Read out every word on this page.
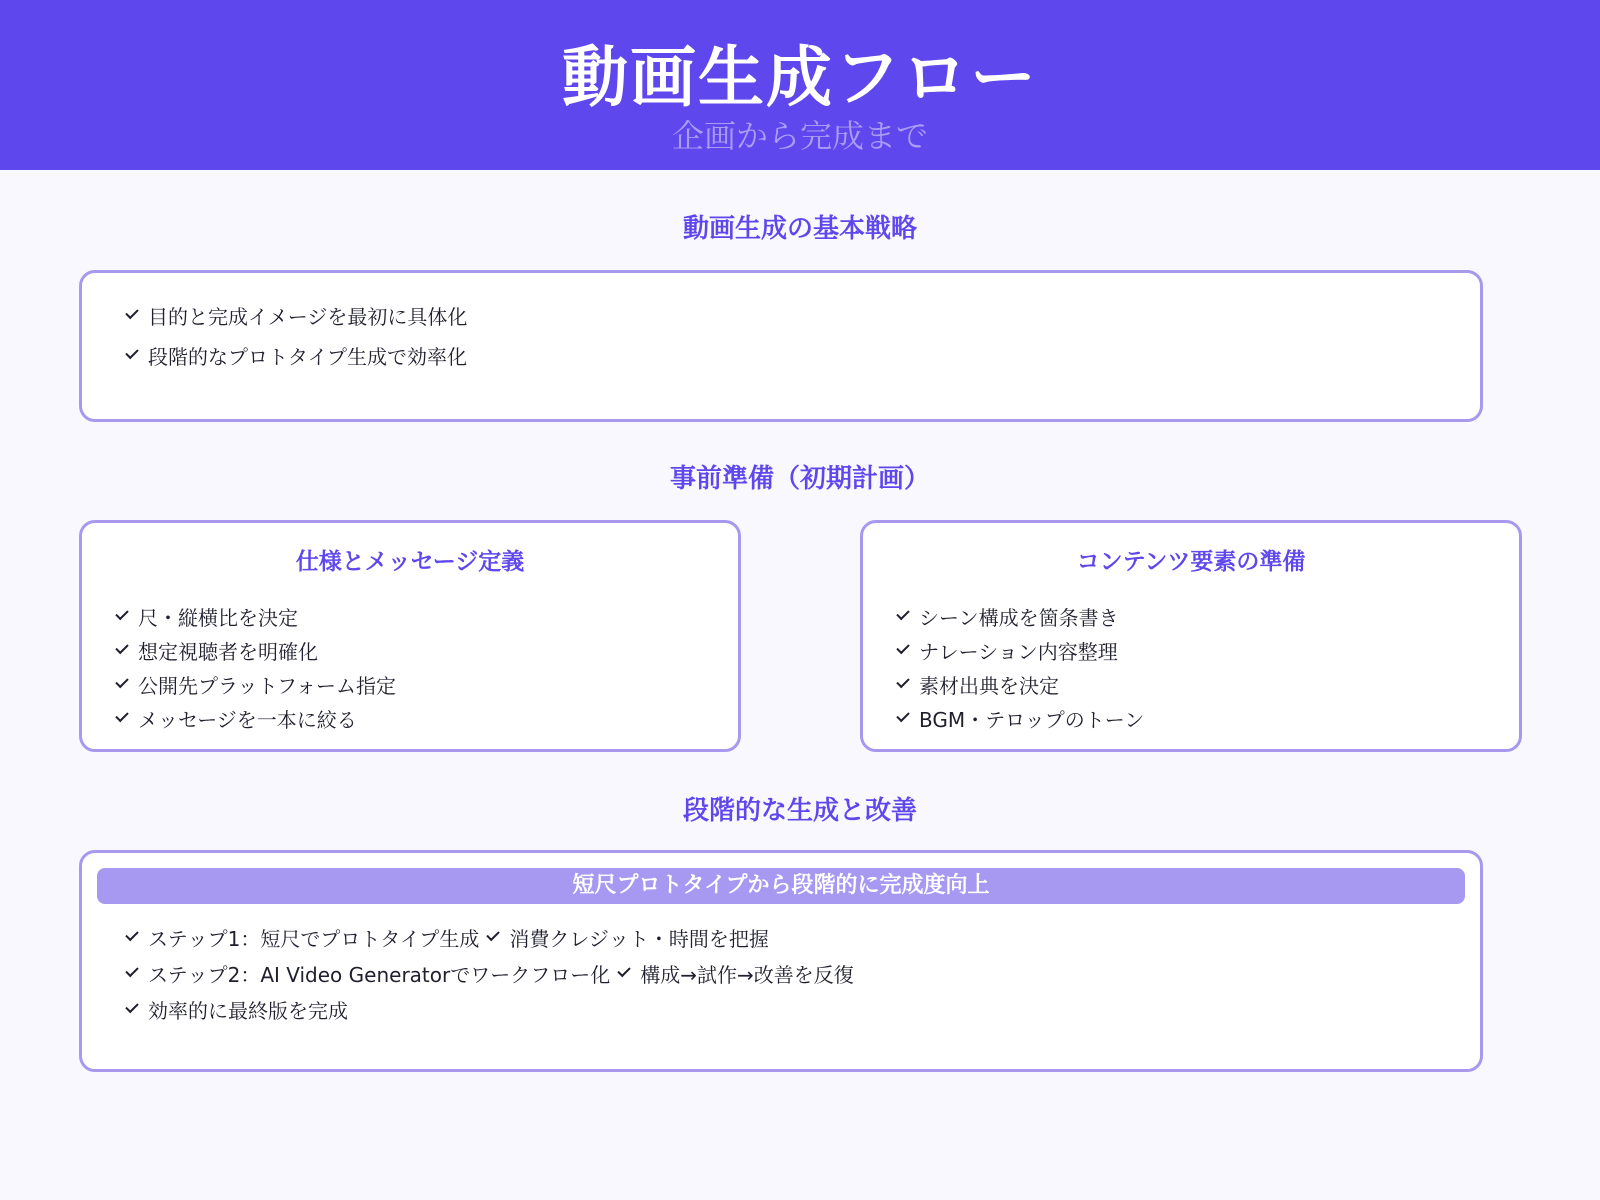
動画生成フロー
企画から完成まで
動画生成の基本戦略
目的と完成イメージを最初に具体化
段階的なプロトタイプ生成で効率化
事前準備（初期計画）
仕様とメッセージ定義
尺・縦横比を決定
想定視聴者を明確化
公開先プラットフォーム指定
メッセージを一本に絞る
コンテンツ要素の準備
シーン構成を箇条書き
ナレーション内容整理
素材出典を決定
BGM・テロップのトーン
段階的な生成と改善
短尺プロトタイプから段階的に完成度向上
ステップ1：短尺でプロトタイプ生成 消費クレジット・時間を把握
ステップ2：AI Video Generatorでワークフロー化 構成→試作→改善を反復
効率的に最終版を完成
